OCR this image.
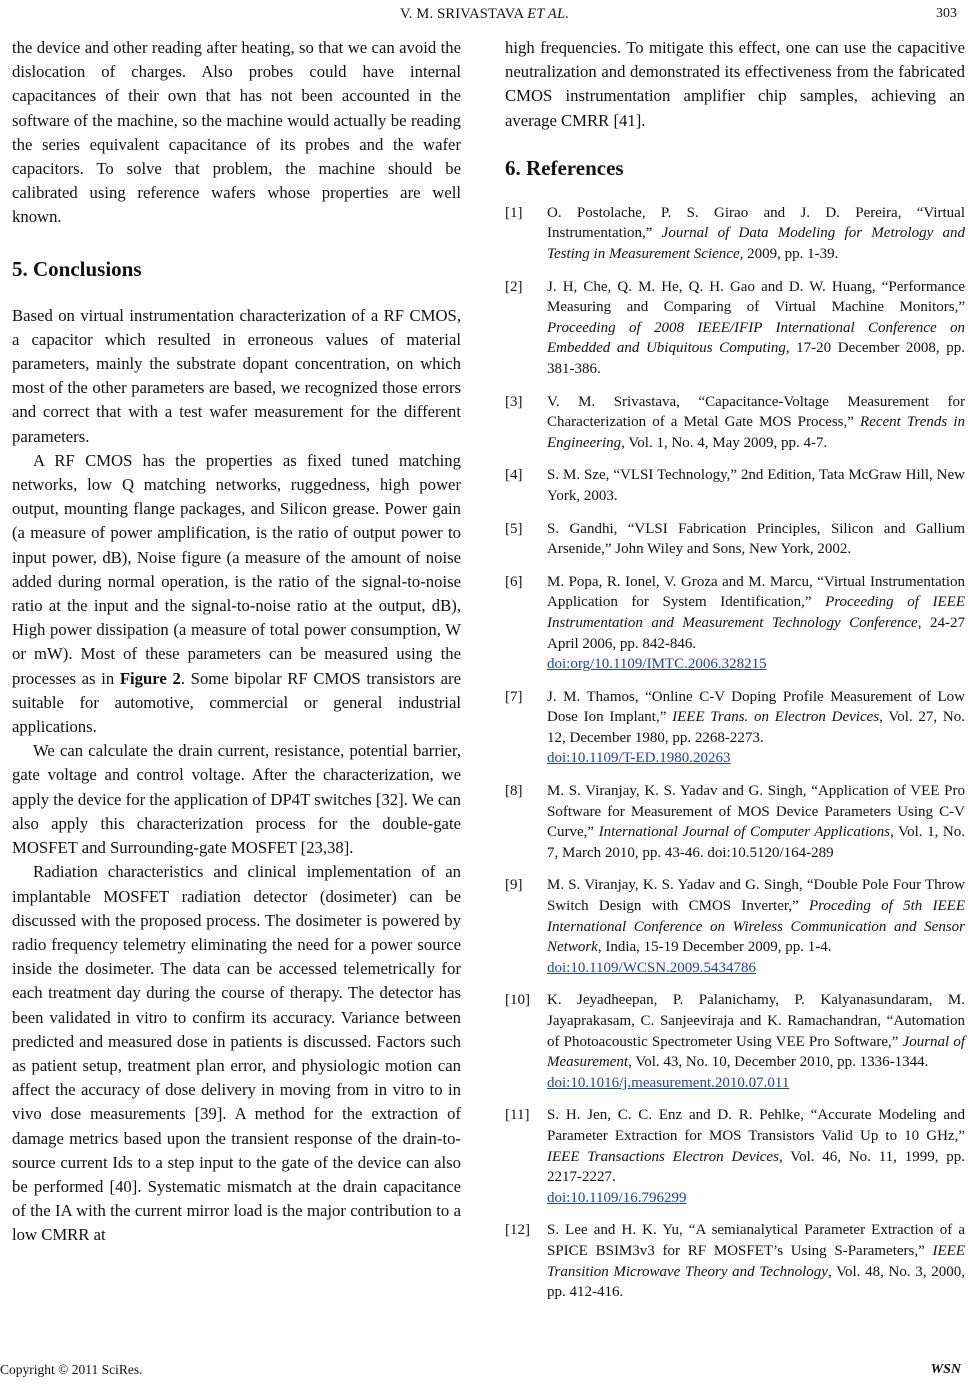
V. M. SRIVASTAVA ET AL.	303

the device and other reading after heating, so that we can avoid the dislocation of charges. Also probes could have internal capacitances of their own that has not been accounted in the software of the machine, so the machine would actually be reading the series equivalent capacitance of its probes and the wafer capacitors. To solve that problem, the machine should be calibrated using reference wafers whose properties are well known.

5. Conclusions

Based on virtual instrumentation characterization of a RF CMOS, a capacitor which resulted in erroneous values of material parameters, mainly the substrate dopant concentration, on which most of the other parameters are based, we recognized those errors and correct that with a test wafer measurement for the different parameters.

A RF CMOS has the properties as fixed tuned matching networks, low Q matching networks, ruggedness, high power output, mounting flange packages, and Silicon grease. Power gain (a measure of power amplification, is the ratio of output power to input power, dB), Noise figure (a measure of the amount of noise added during normal operation, is the ratio of the signal-to-noise ratio at the input and the signal-to-noise ratio at the output, dB), High power dissipation (a measure of total power consumption, W or mW). Most of these parameters can be measured using the processes as in Figure 2. Some bipolar RF CMOS transistors are suitable for automotive, commercial or general industrial applications.

We can calculate the drain current, resistance, potential barrier, gate voltage and control voltage. After the characterization, we apply the device for the application of DP4T switches [32]. We can also apply this characterization process for the double-gate MOSFET and Surrounding-gate MOSFET [23,38].

Radiation characteristics and clinical implementation of an implantable MOSFET radiation detector (dosimeter) can be discussed with the proposed process. The dosimeter is powered by radio frequency telemetry eliminating the need for a power source inside the dosimeter. The data can be accessed telemetrically for each treatment day during the course of therapy. The detector has been validated in vitro to confirm its accuracy. Variance between predicted and measured dose in patients is discussed. Factors such as patient setup, treatment plan error, and physiologic motion can affect the accuracy of dose delivery in moving from in vitro to in vivo dose measurements [39]. A method for the extraction of damage metrics based upon the transient response of the drain-to-source current Ids to a step input to the gate of the device can also be performed [40]. Systematic mismatch at the drain capacitance of the IA with the current mirror load is the major contribution to a low CMRR at

high frequencies. To mitigate this effect, one can use the capacitive neutralization and demonstrated its effectiveness from the fabricated CMOS instrumentation amplifier chip samples, achieving an average CMRR [41].

6. References
[1]	O. Postolache, P. S. Girao and J. D. Pereira, “Virtual Instrumentation,” Journal of Data Modeling for Metrology and Testing in Measurement Science, 2009, pp. 1-39.
[2]	J. H, Che, Q. M. He, Q. H. Gao and D. W. Huang, “Performance Measuring and Comparing of Virtual Machine Monitors,” Proceeding of 2008 IEEE/IFIP International Conference on Embedded and Ubiquitous Computing, 17-20 December 2008, pp. 381-386.
[3]	V. M. Srivastava, “Capacitance-Voltage Measurement for Characterization of a Metal Gate MOS Process,” Recent Trends in Engineering, Vol. 1, No. 4, May 2009, pp. 4-7.
[4]	S. M. Sze, “VLSI Technology,” 2nd Edition, Tata McGraw Hill, New York, 2003.
[5]	S. Gandhi, “VLSI Fabrication Principles, Silicon and Gallium Arsenide,” John Wiley and Sons, New York, 2002.
[6]	M. Popa, R. Ionel, V. Groza and M. Marcu, “Virtual Instrumentation Application for System Identification,” Proceeding of IEEE Instrumentation and Measurement Technology Conference, 24-27 April 2006, pp. 842-846.
doi:org/10.1109/IMTC.2006.328215
[7]	J. M. Thamos, “Online C-V Doping Profile Measurement of Low Dose Ion Implant,” IEEE Trans. on Electron Devices, Vol. 27, No. 12, December 1980, pp. 2268-2273.
doi:10.1109/T-ED.1980.20263
[8]	M. S. Viranjay, K. S. Yadav and G. Singh, “Application of VEE Pro Software for Measurement of MOS Device Parameters Using C-V Curve,” International Journal of Computer Applications, Vol. 1, No. 7, March 2010, pp. 43-46. doi:10.5120/164-289
[9]	M. S. Viranjay, K. S. Yadav and G. Singh, “Double Pole Four Throw Switch Design with CMOS Inverter,” Proceding of 5th IEEE International Conference on Wireless Communication and Sensor Network, India, 15-19 December 2009, pp. 1-4.
doi:10.1109/WCSN.2009.5434786
[10]	K. Jeyadheepan, P. Palanichamy, P. Kalyanasundaram, M. Jayaprakasam, C. Sanjeeviraja and K. Ramachandran, “Automation of Photoacoustic Spectrometer Using VEE Pro Software,” Journal of Measurement, Vol. 43, No. 10, December 2010, pp. 1336-1344.
doi:10.1016/j.measurement.2010.07.011
[11]	S. H. Jen, C. C. Enz and D. R. Pehlke, “Accurate Modeling and Parameter Extraction for MOS Transistors Valid Up to 10 GHz,” IEEE Transactions Electron Devices, Vol. 46, No. 11, 1999, pp. 2217-2227.
doi:10.1109/16.796299
[12]	S. Lee and H. K. Yu, “A semianalytical Parameter Extraction of a SPICE BSIM3v3 for RF MOSFET’s Using S-Parameters,” IEEE Transition Microwave Theory and Technology, Vol. 48, No. 3, 2000, pp. 412-416.
Copyright © 2011 SciRes.	WSN
